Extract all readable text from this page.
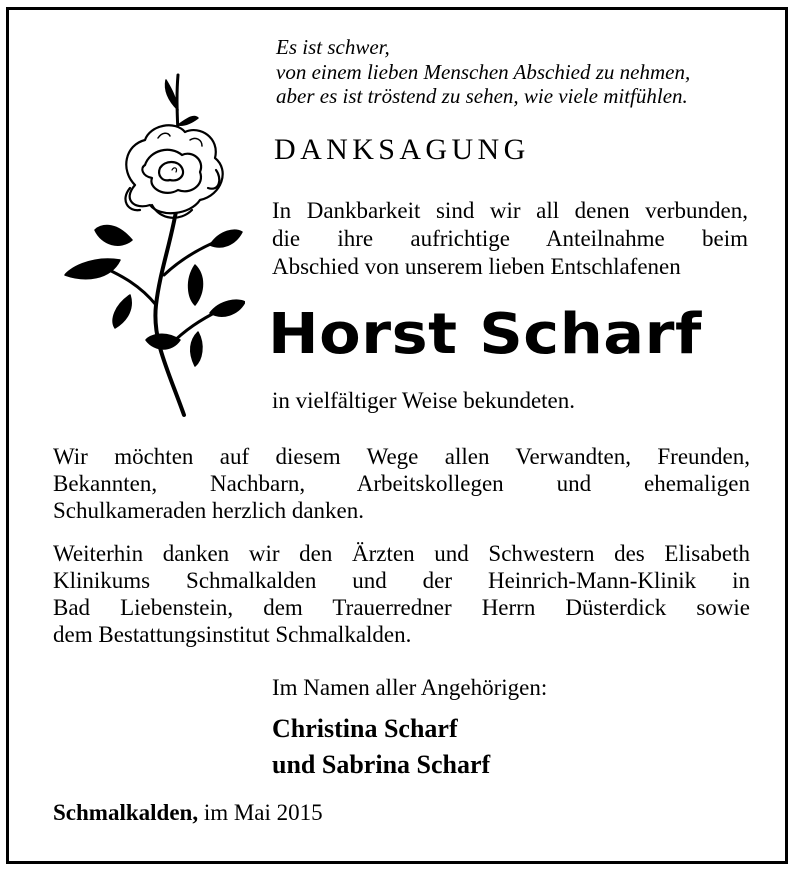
Es ist schwer,
von einem lieben Menschen Abschied zu nehmen,
aber es ist tröstend zu sehen, wie viele mitfühlen.
DANKSAGUNG
In Dankbarkeit sind wir all denen verbunden,
die ihre aufrichtige Anteilnahme beim
Abschied von unserem lieben Entschlafenen
Horst Scharf
in vielfältiger Weise bekundeten.
Wir möchten auf diesem Wege allen Verwandten, Freunden,
Bekannten, Nachbarn, Arbeitskollegen und ehemaligen
Schulkameraden herzlich danken.
Weiterhin danken wir den Ärzten und Schwestern des Elisabeth
Klinikums Schmalkalden und der Heinrich-Mann-Klinik in
Bad Liebenstein, dem Trauerredner Herrn Düsterdick sowie
dem Bestattungsinstitut Schmalkalden.
Im Namen aller Angehörigen:
Christina Scharf
und Sabrina Scharf
Schmalkalden, im Mai 2015
